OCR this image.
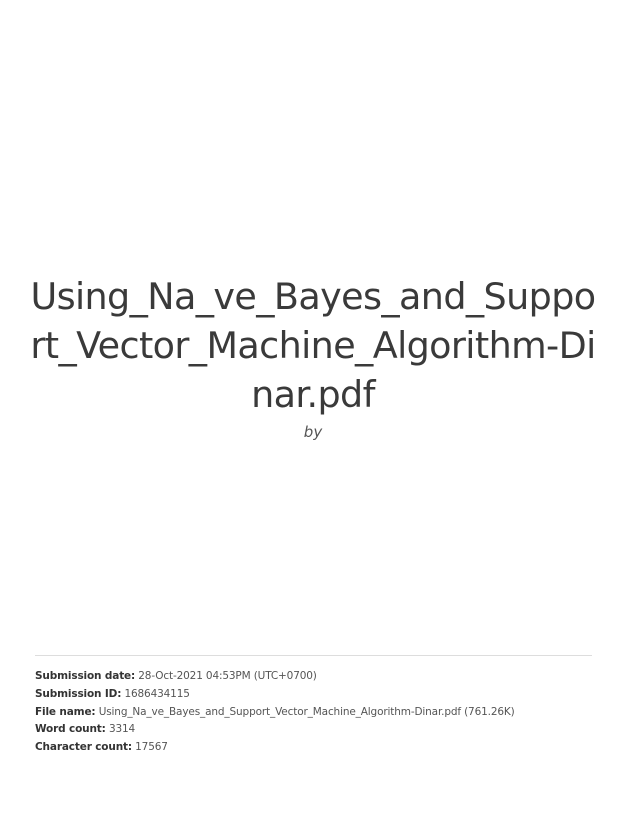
Using_Na_ve_Bayes_and_Support_Vector_Machine_Algorithm-Dinar.pdf
by
Submission date: 28-Oct-2021 04:53PM (UTC+0700)
Submission ID: 1686434115
File name: Using_Na_ve_Bayes_and_Support_Vector_Machine_Algorithm-Dinar.pdf (761.26K)
Word count: 3314
Character count: 17567
